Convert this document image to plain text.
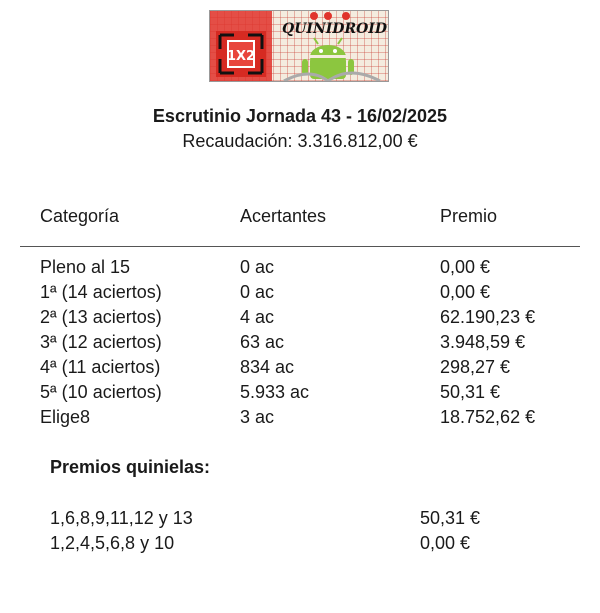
1X2
QUINIDROID
Escrutinio Jornada 43 - 16/02/2025
Recaudación: 3.316.812,00 €
Categoría	Acertantes	Premio
Pleno al 15	0 ac	0,00 €
1ª (14 aciertos)	0 ac	0,00 €
2ª (13 aciertos)	4 ac	62.190,23 €
3ª (12 aciertos)	63 ac	3.948,59 €
4ª (11 aciertos)	834 ac	298,27 €
5ª (10 aciertos)	5.933 ac	50,31 €
Elige8	3 ac	18.752,62 €
Premios quinielas:
1,6,8,9,11,12 y 13	50,31 €
1,2,4,5,6,8 y 10	0,00 €
